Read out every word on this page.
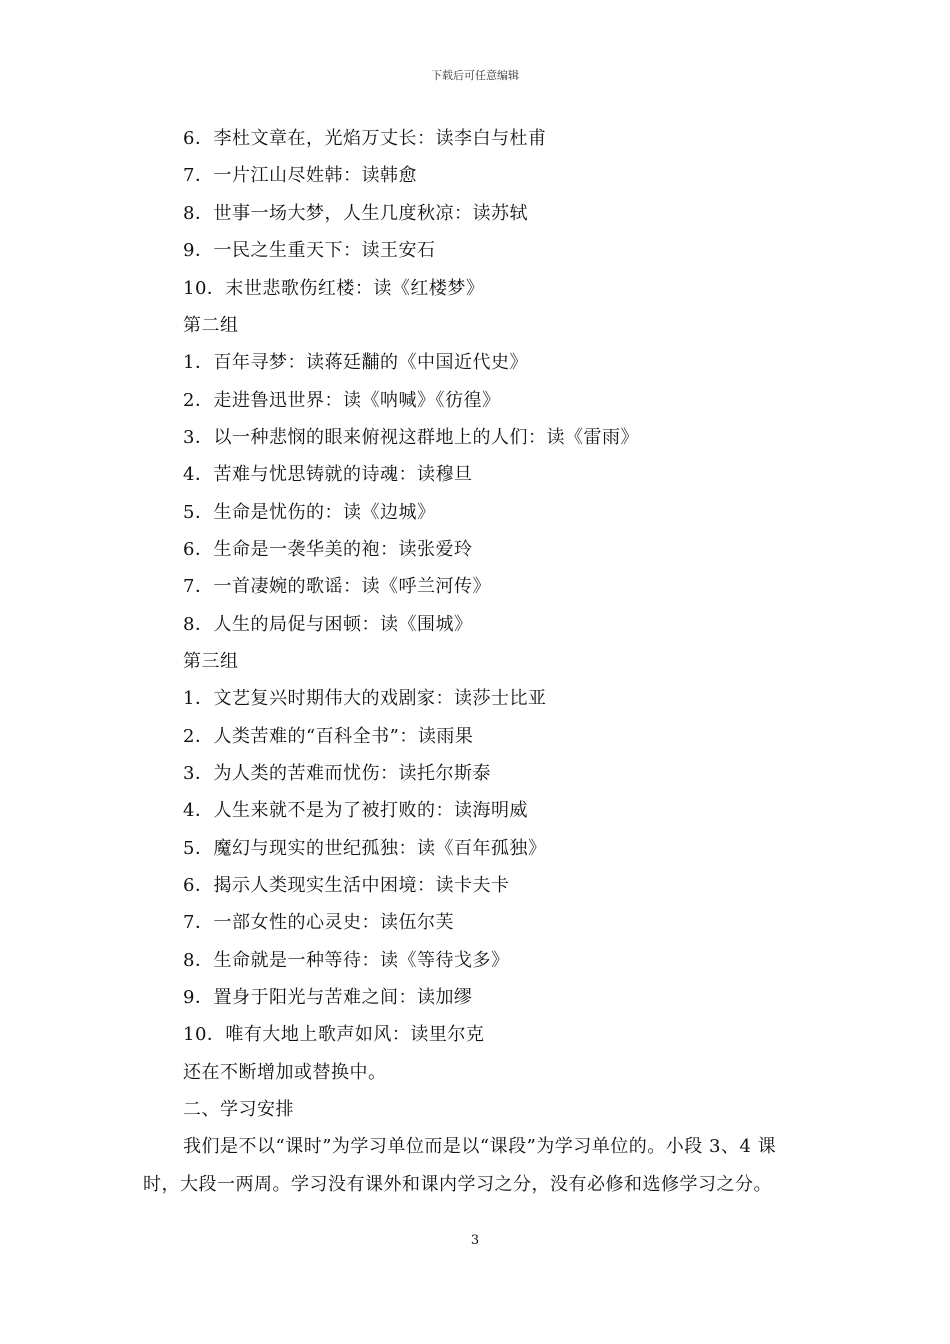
下载后可任意编辑
6．李杜文章在，光焰万丈长：读李白与杜甫
7．一片江山尽姓韩：读韩愈
8．世事一场大梦，人生几度秋凉：读苏轼
9．一民之生重天下：读王安石
10．末世悲歌伤红楼：读《红楼梦》
第二组
1．百年寻梦：读蒋廷黼的《中国近代史》
2．走进鲁迅世界：读《呐喊》《彷徨》
3．以一种悲悯的眼来俯视这群地上的人们：读《雷雨》
4．苦难与忧思铸就的诗魂：读穆旦
5．生命是忧伤的：读《边城》
6．生命是一袭华美的袍：读张爱玲
7．一首凄婉的歌谣：读《呼兰河传》
8．人生的局促与困顿：读《围城》
第三组
1．文艺复兴时期伟大的戏剧家：读莎士比亚
2．人类苦难的“百科全书”：读雨果
3．为人类的苦难而忧伤：读托尔斯泰
4．人生来就不是为了被打败的：读海明威
5．魔幻与现实的世纪孤独：读《百年孤独》
6．揭示人类现实生活中困境：读卡夫卡
7．一部女性的心灵史：读伍尔芙
8．生命就是一种等待：读《等待戈多》
9．置身于阳光与苦难之间：读加缪
10．唯有大地上歌声如风：读里尔克
还在不断增加或替换中。
二、学习安排
我们是不以“课时”为学习单位而是以“课段”为学习单位的。小段 3、4 课时，大段一两周。学习没有课外和课内学习之分，没有必修和选修学习之分。
3
